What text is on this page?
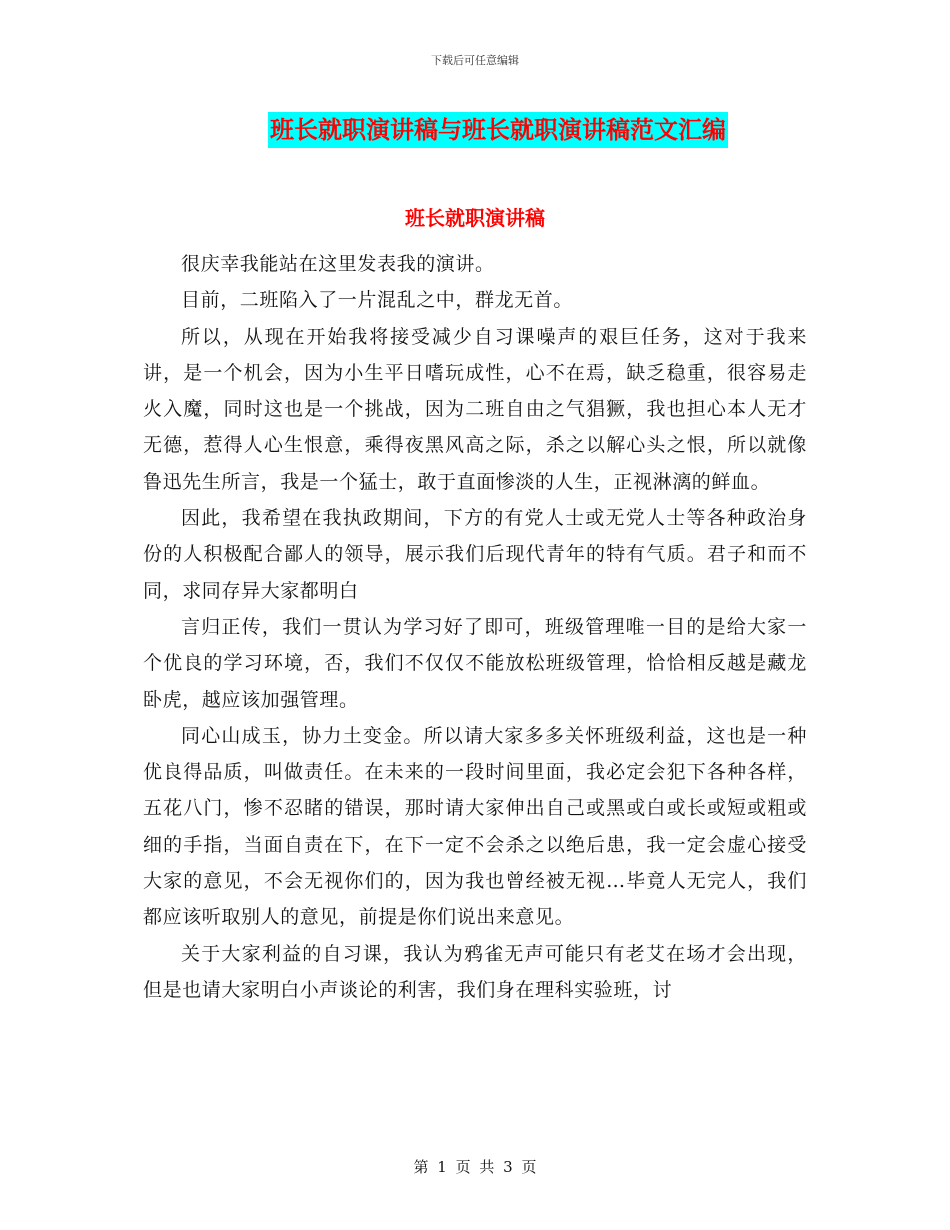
下载后可任意编辑
班长就职演讲稿与班长就职演讲稿范文汇编
班长就职演讲稿

很庆幸我能站在这里发表我的演讲。

目前，二班陷入了一片混乱之中，群龙无首。

所以，从现在开始我将接受减少自习课噪声的艰巨任务，这对于我来讲，是一个机会，因为小生平日嗜玩成性，心不在焉，缺乏稳重，很容易走火入魔，同时这也是一个挑战，因为二班自由之气猖獗，我也担心本人无才无德，惹得人心生恨意，乘得夜黑风高之际，杀之以解心头之恨，所以就像鲁迅先生所言，我是一个猛士，敢于直面惨淡的人生，正视淋漓的鲜血。

因此，我希望在我执政期间，下方的有党人士或无党人士等各种政治身份的人积极配合鄙人的领导，展示我们后现代青年的特有气质。君子和而不同，求同存异大家都明白

言归正传，我们一贯认为学习好了即可，班级管理唯一目的是给大家一个优良的学习环境，否，我们不仅仅不能放松班级管理，恰恰相反越是藏龙卧虎，越应该加强管理。

同心山成玉，协力土变金。所以请大家多多关怀班级利益，这也是一种优良得品质，叫做责任。在未来的一段时间里面，我必定会犯下各种各样，五花八门，惨不忍睹的错误，那时请大家伸出自己或黑或白或长或短或粗或细的手指，当面自责在下，在下一定不会杀之以绝后患，我一定会虚心接受大家的意见，不会无视你们的，因为我也曾经被无视…毕竟人无完人，我们都应该听取别人的意见，前提是你们说出来意见。

关于大家利益的自习课，我认为鸦雀无声可能只有老艾在场才会出现，但是也请大家明白小声谈论的利害，我们身在理科实验班，讨

第 1 页 共 3 页
